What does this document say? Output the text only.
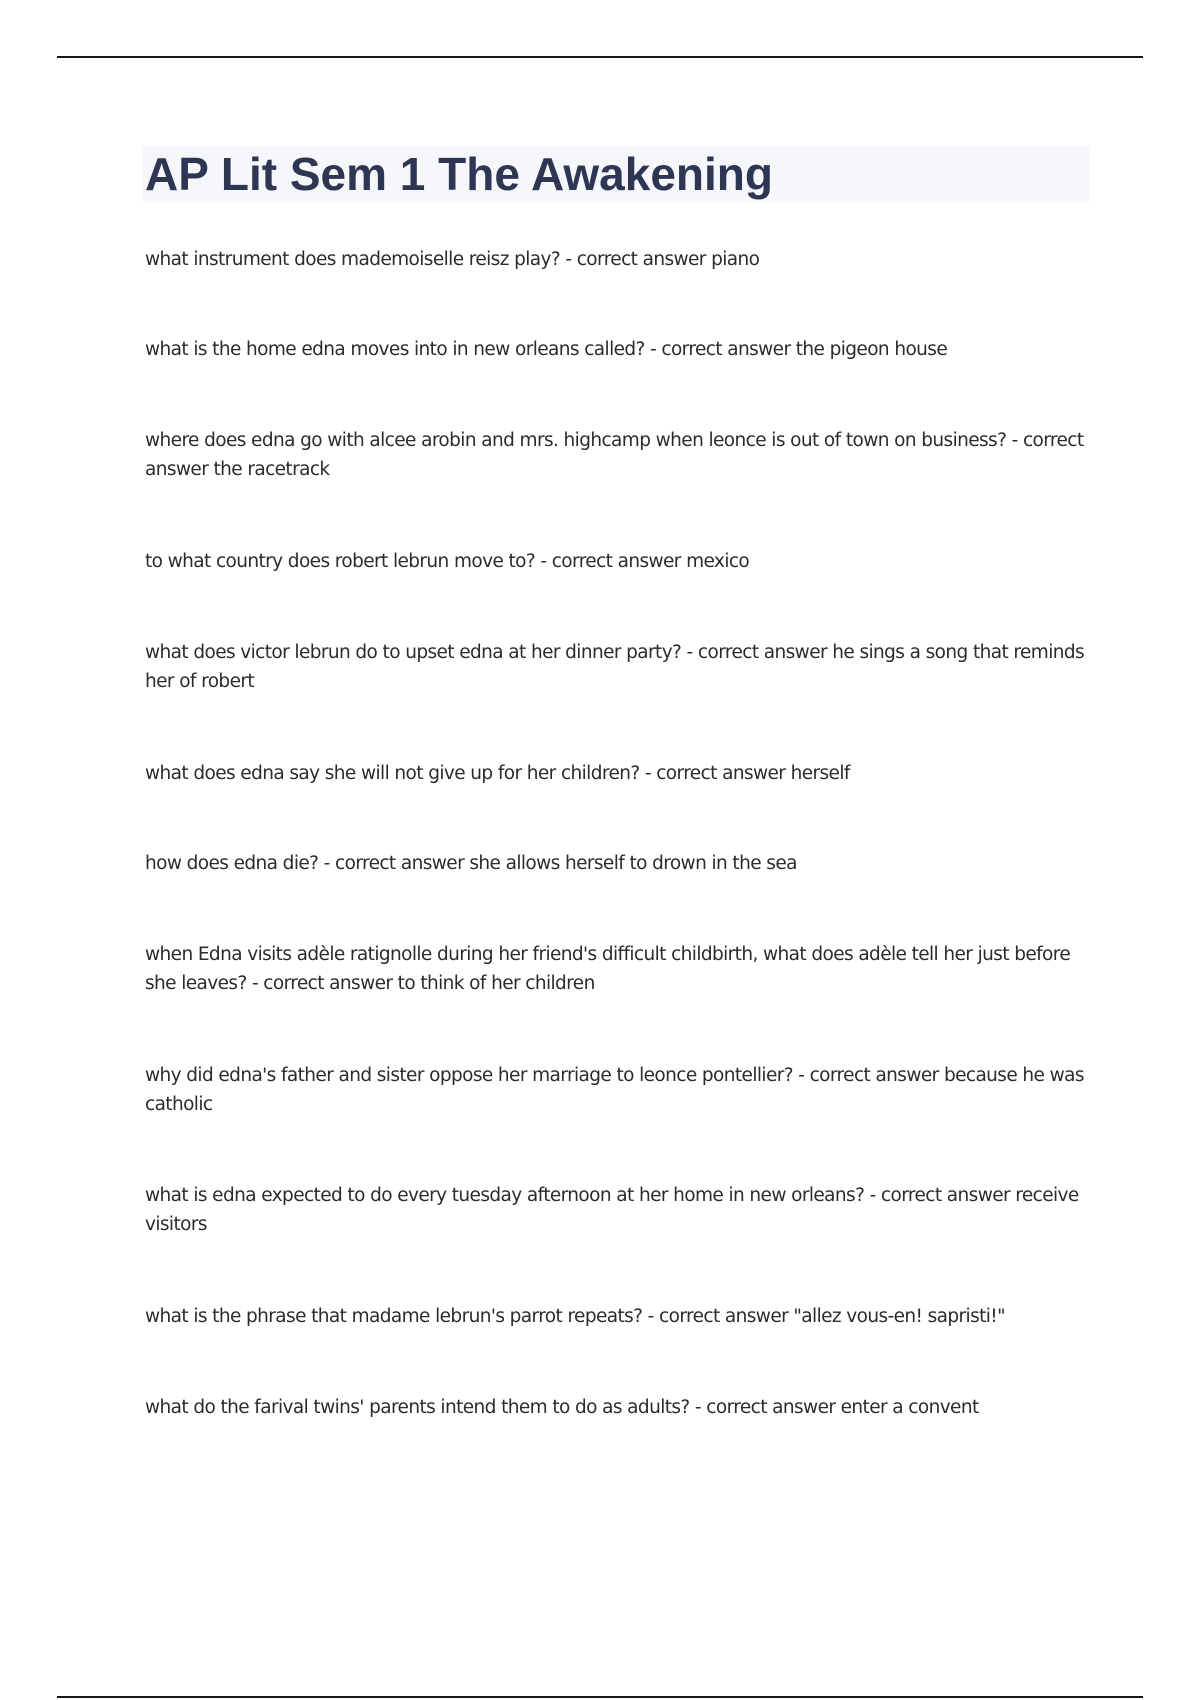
AP Lit Sem 1 The Awakening

what instrument does mademoiselle reisz play? - correct answer piano

what is the home edna moves into in new orleans called? - correct answer the pigeon house

where does edna go with alcee arobin and mrs. highcamp when leonce is out of town on business? - correct answer the racetrack

to what country does robert lebrun move to? - correct answer mexico

what does victor lebrun do to upset edna at her dinner party? - correct answer he sings a song that reminds her of robert

what does edna say she will not give up for her children? - correct answer herself

how does edna die? - correct answer she allows herself to drown in the sea

when Edna visits adèle ratignolle during her friend's difficult childbirth, what does adèle tell her just before she leaves? - correct answer to think of her children

why did edna's father and sister oppose her marriage to leonce pontellier? - correct answer because he was catholic

what is edna expected to do every tuesday afternoon at her home in new orleans? - correct answer receive visitors

what is the phrase that madame lebrun's parrot repeats? - correct answer "allez vous-en! sapristi!"

what do the farival twins' parents intend them to do as adults? - correct answer enter a convent
